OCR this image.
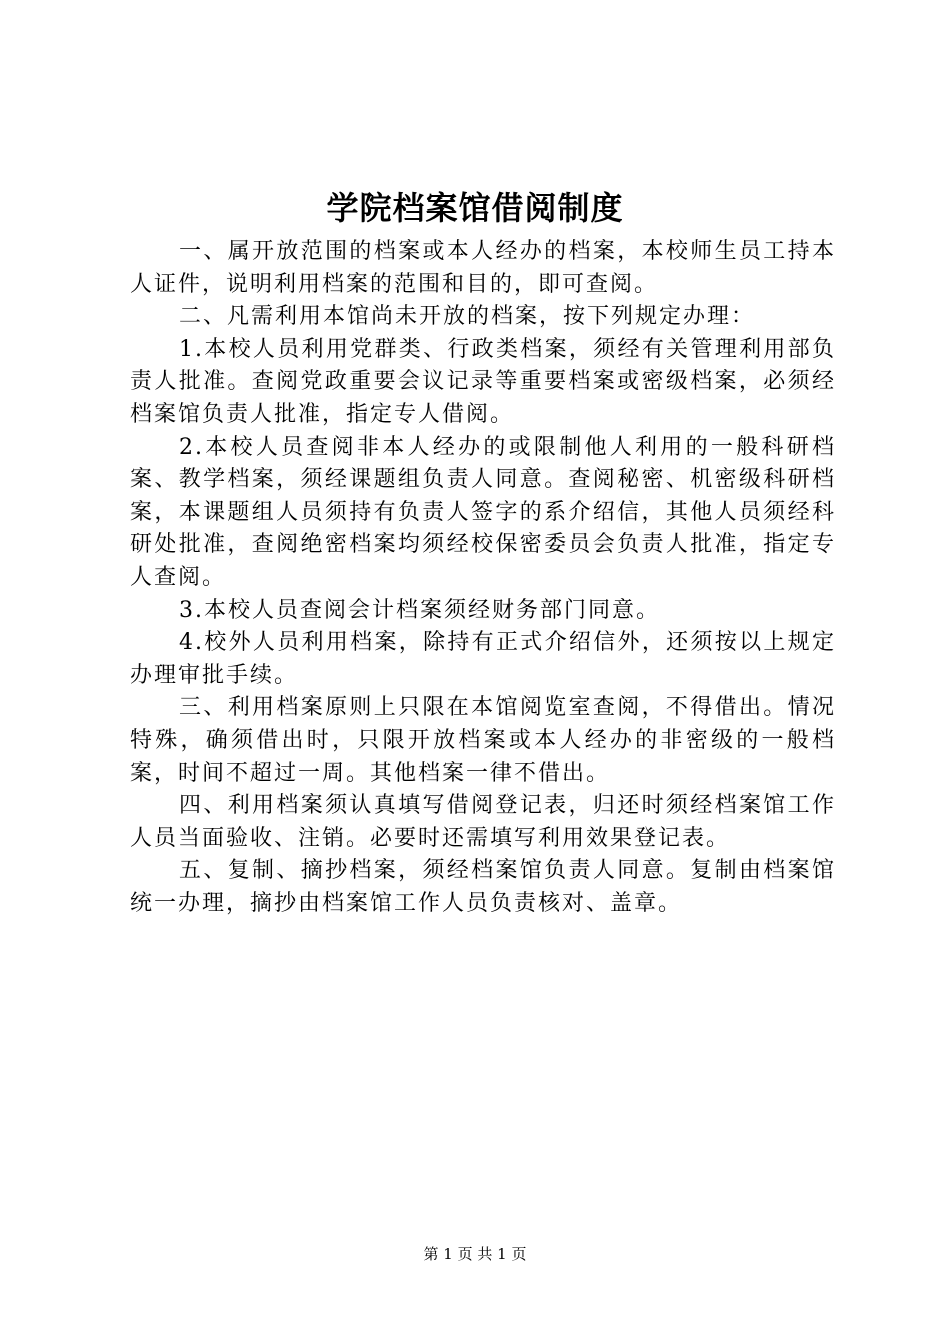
学院档案馆借阅制度

一、属开放范围的档案或本人经办的档案，本校师生员工持本人证件，说明利用档案的范围和目的，即可查阅。

二、凡需利用本馆尚未开放的档案，按下列规定办理：

1.本校人员利用党群类、行政类档案，须经有关管理利用部负责人批准。查阅党政重要会议记录等重要档案或密级档案，必须经档案馆负责人批准，指定专人借阅。

2.本校人员查阅非本人经办的或限制他人利用的一般科研档案、教学档案，须经课题组负责人同意。查阅秘密、机密级科研档案，本课题组人员须持有负责人签字的系介绍信，其他人员须经科研处批准，查阅绝密档案均须经校保密委员会负责人批准，指定专人查阅。

3.本校人员查阅会计档案须经财务部门同意。

4.校外人员利用档案，除持有正式介绍信外，还须按以上规定办理审批手续。

三、利用档案原则上只限在本馆阅览室查阅，不得借出。情况特殊，确须借出时，只限开放档案或本人经办的非密级的一般档案，时间不超过一周。其他档案一律不借出。

四、利用档案须认真填写借阅登记表，归还时须经档案馆工作人员当面验收、注销。必要时还需填写利用效果登记表。

五、复制、摘抄档案，须经档案馆负责人同意。复制由档案馆统一办理，摘抄由档案馆工作人员负责核对、盖章。

第 1 页 共 1 页
